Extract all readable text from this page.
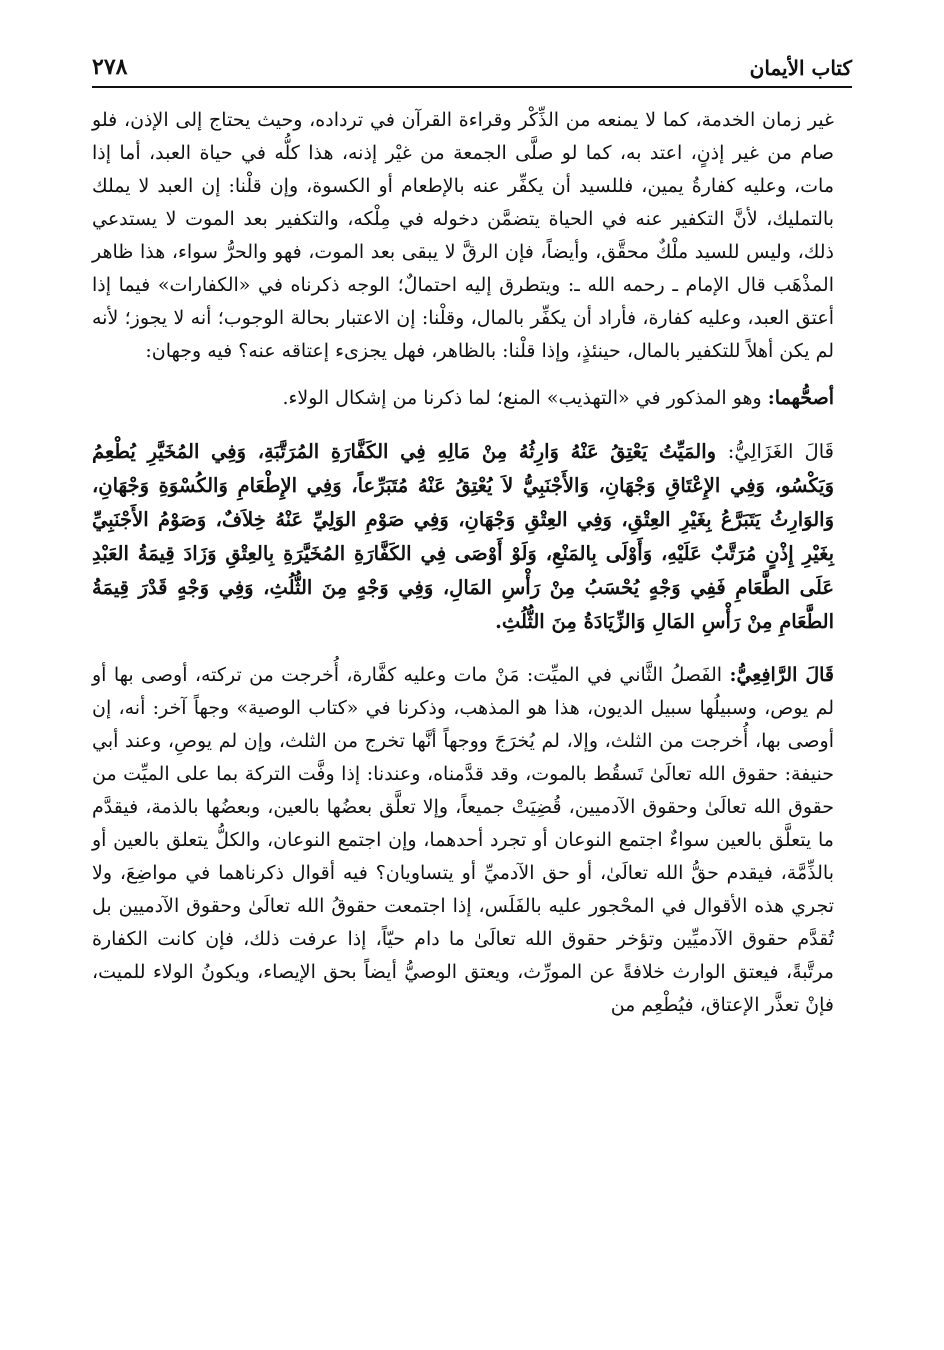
كتاب الأيمان
٢٧٨

غير زمان الخدمة، كما لا يمنعه من الذِّكْر وقراءة القرآن في ترداده، وحيث يحتاج إلى الإذن، فلو صام من غير إذنٍ، اعتد به، كما لو صلَّى الجمعة من غيْر إذنه، هذا كلُّه في حياة العبد، أما إذا مات، وعليه كفارةُ يمين، فللسيد أن يكفِّر عنه بالإطعام أو الكسوة، وإن قلْنا: إن العبد لا يملك بالتمليك، لأنَّ التكفير عنه في الحياة يتضمَّن دخوله في مِلْكه، والتكفير بعد الموت لا يستدعي ذلك، وليس للسيد ملْكٌ محقَّق، وأيضاً، فإن الرقَّ لا يبقى بعد الموت، فهو والحرُّ سواء، هذا ظاهر المذْهَب قال الإمام ـ رحمه الله ـ: ويتطرق إليه احتمالٌ؛ الوجه ذكرناه في «الكفارات» فيما إذا أعتق العبد، وعليه كفارة، فأراد أن يكفِّر بالمال، وقلْنا: إن الاعتبار بحالة الوجوب؛ أنه لا يجوز؛ لأنه لم يكن أهلاً للتكفير بالمال، حينئذٍ، وإذا قلْنا: بالظاهر، فهل يجزىء إعتاقه عنه؟ فيه وجهان:

أصحُّهما: وهو المذكور في «التهذيب» المنع؛ لما ذكرنا من إشكال الولاء.

قَالَ الغَزَالِيُّ: والمَيِّتُ يَعْتِقُ عَنْهُ وَارِثُهُ مِنْ مَالِهِ فِي الكَفَّارَةِ المُرَتَّبَةِ، وَفِي المُخَيَّرِ يُطْعِمُ وَيَكْسُو، وَفِي الإِعْتَاقِ وَجْهَانِ، وَالأَجْنَبِيُّ لاَ يُعْتِقُ عَنْهُ مُتَبَرِّعاً، وَفِي الإِطْعَامِ وَالكُسْوَةِ وَجْهَانِ، وَالوَارِثُ يَتَبَرَّعُ بِغَيْرِ العِتْقِ، وَفِي العِتْقِ وَجْهَانِ، وَفِي صَوْمِ الوَلِيِّ عَنْهُ خِلاَفٌ، وَصَوْمُ الأَجْنَبِيِّ بِغَيْرِ إِذْنٍ مُرَتَّبٌ عَلَيْهِ، وَأَوْلَى بِالمَنْعِ، وَلَوْ أَوْصَى فِي الكَفَّارَةِ المُخَيَّرَةِ بِالعِتْقِ وَزَادَ قِيمَةُ العَبْدِ عَلَى الطَّعَامِ فَفِي وَجْهٍ يُحْسَبُ مِنْ رَأْسِ المَالِ، وَفِي وَجْهٍ مِنَ الثُّلُثِ، وَفِي وَجْهٍ قَدْرَ قِيمَةُ الطَّعَامِ مِنْ رَأْسِ المَالِ وَالزِّيَادَةُ مِنَ الثُّلُثِ.

قَالَ الرَّافِعِيُّ: الفَصلُ الثَّاني في الميِّت: مَنْ مات وعليه كفَّارة، أُخرجت من تركته، أوصى بها أو لم يوص، وسبيلُها سبيل الديون، هذا هو المذهب، وذكرنا في «كتاب الوصية» وجهاً آخر: أنه، إن أوصى بها، أُخرجت من الثلث، وإلا، لم يُخرَجَ ووجهاً أنَّها تخرج من الثلث، وإن لم يوصِ، وعند أبي حنيفة: حقوق الله تعالَىٰ تَسقُط بالموت، وقد قدَّمناه، وعندنا: إذا وفَّت التركة بما على الميِّت من حقوق الله تعالَىٰ وحقوق الآدميين، قُضِيَتْ جميعاً، وإلا تعلَّق بعضُها بالعين، وبعضُها بالذمة، فيقدَّم ما يتعلَّق بالعين سواءٌ اجتمع النوعان أو تجرد أحدهما، وإن اجتمع النوعان، والكلُّ يتعلق بالعين أو بالذِّمَّة، فيقدم حقُّ الله تعالَىٰ، أو حق الآدميِّ أو يتساويان؟ فيه أقوال ذكرناهما في مواضِعَ، ولا تجري هذه الأقوال في المحْجور عليه بالفَلَس، إذا اجتمعت حقوقُ الله تعالَىٰ وحقوق الآدميين بل تُقدَّم حقوق الآدميِّين وتؤخر حقوق الله تعالَىٰ ما دام حيّاً، إذا عرفت ذلك، فإن كانت الكفارة مرتَّبةً، فيعتق الوارث خلافةً عن المورِّث، ويعتق الوصيُّ أيضاً بحق الإيصاء، ويكونُ الولاء للميت، فإنْ تعذَّر الإعتاق، فيُطْعِم من
